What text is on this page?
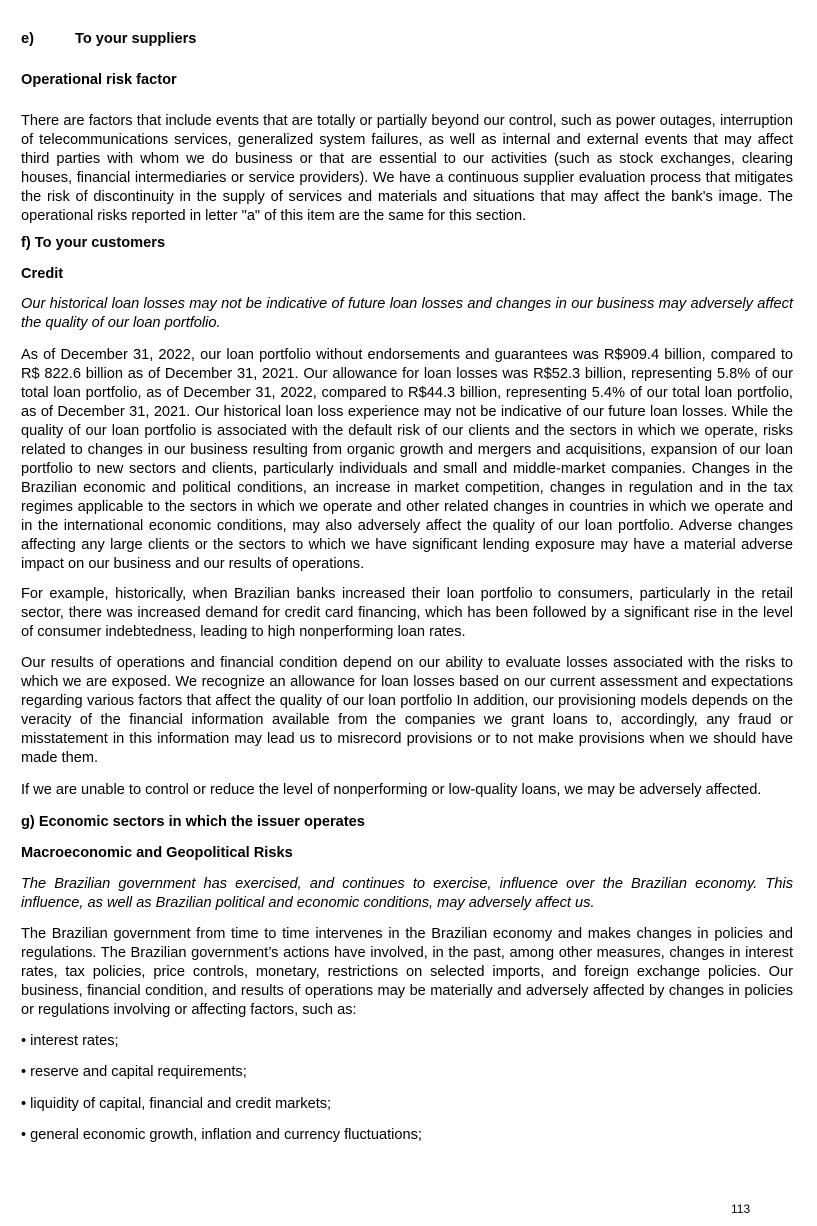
e)	To your suppliers
Operational risk factor

There are factors that include events that are totally or partially beyond our control, such as power outages, interruption of telecommunications services, generalized system failures, as well as internal and external events that may affect third parties with whom we do business or that are essential to our activities (such as stock exchanges, clearing houses, financial intermediaries or service providers). We have a continuous supplier evaluation process that mitigates the risk of discontinuity in the supply of services and materials and situations that may affect the bank's image. The operational risks reported in letter "a" of this item are the same for this section.

f) To your customers
Credit

Our historical loan losses may not be indicative of future loan losses and changes in our business may adversely affect the quality of our loan portfolio.

As of December 31, 2022, our loan portfolio without endorsements and guarantees was R$909.4 billion, compared to R$ 822.6 billion as of December 31, 2021. Our allowance for loan losses was R$52.3 billion, representing 5.8% of our total loan portfolio, as of December 31, 2022, compared to R$44.3 billion, representing 5.4% of our total loan portfolio, as of December 31, 2021. Our historical loan loss experience may not be indicative of our future loan losses. While the quality of our loan portfolio is associated with the default risk of our clients and the sectors in which we operate, risks related to changes in our business resulting from organic growth and mergers and acquisitions, expansion of our loan portfolio to new sectors and clients, particularly individuals and small and middle-market companies. Changes in the Brazilian economic and political conditions, an increase in market competition, changes in regulation and in the tax regimes applicable to the sectors in which we operate and other related changes in countries in which we operate and in the international economic conditions, may also adversely affect the quality of our loan portfolio. Adverse changes affecting any large clients or the sectors to which we have significant lending exposure may have a material adverse impact on our business and our results of operations.

For example, historically, when Brazilian banks increased their loan portfolio to consumers, particularly in the retail sector, there was increased demand for credit card financing, which has been followed by a significant rise in the level of consumer indebtedness, leading to high nonperforming loan rates.

Our results of operations and financial condition depend on our ability to evaluate losses associated with the risks to which we are exposed. We recognize an allowance for loan losses based on our current assessment and expectations regarding various factors that affect the quality of our loan portfolio In addition, our provisioning models depends on the veracity of the financial information available from the companies we grant loans to, accordingly, any fraud or misstatement in this information may lead us to misrecord provisions or to not make provisions when we should have made them.

If we are unable to control or reduce the level of nonperforming or low-quality loans, we may be adversely affected.

g) Economic sectors in which the issuer operates
Macroeconomic and Geopolitical Risks

The Brazilian government has exercised, and continues to exercise, influence over the Brazilian economy. This influence, as well as Brazilian political and economic conditions, may adversely affect us.

The Brazilian government from time to time intervenes in the Brazilian economy and makes changes in policies and regulations. The Brazilian government’s actions have involved, in the past, among other measures, changes in interest rates, tax policies, price controls, monetary, restrictions on selected imports, and foreign exchange policies. Our business, financial condition, and results of operations may be materially and adversely affected by changes in policies or regulations involving or affecting factors, such as:

• interest rates;
• reserve and capital requirements;
• liquidity of capital, financial and credit markets;
• general economic growth, inflation and currency fluctuations;
113
